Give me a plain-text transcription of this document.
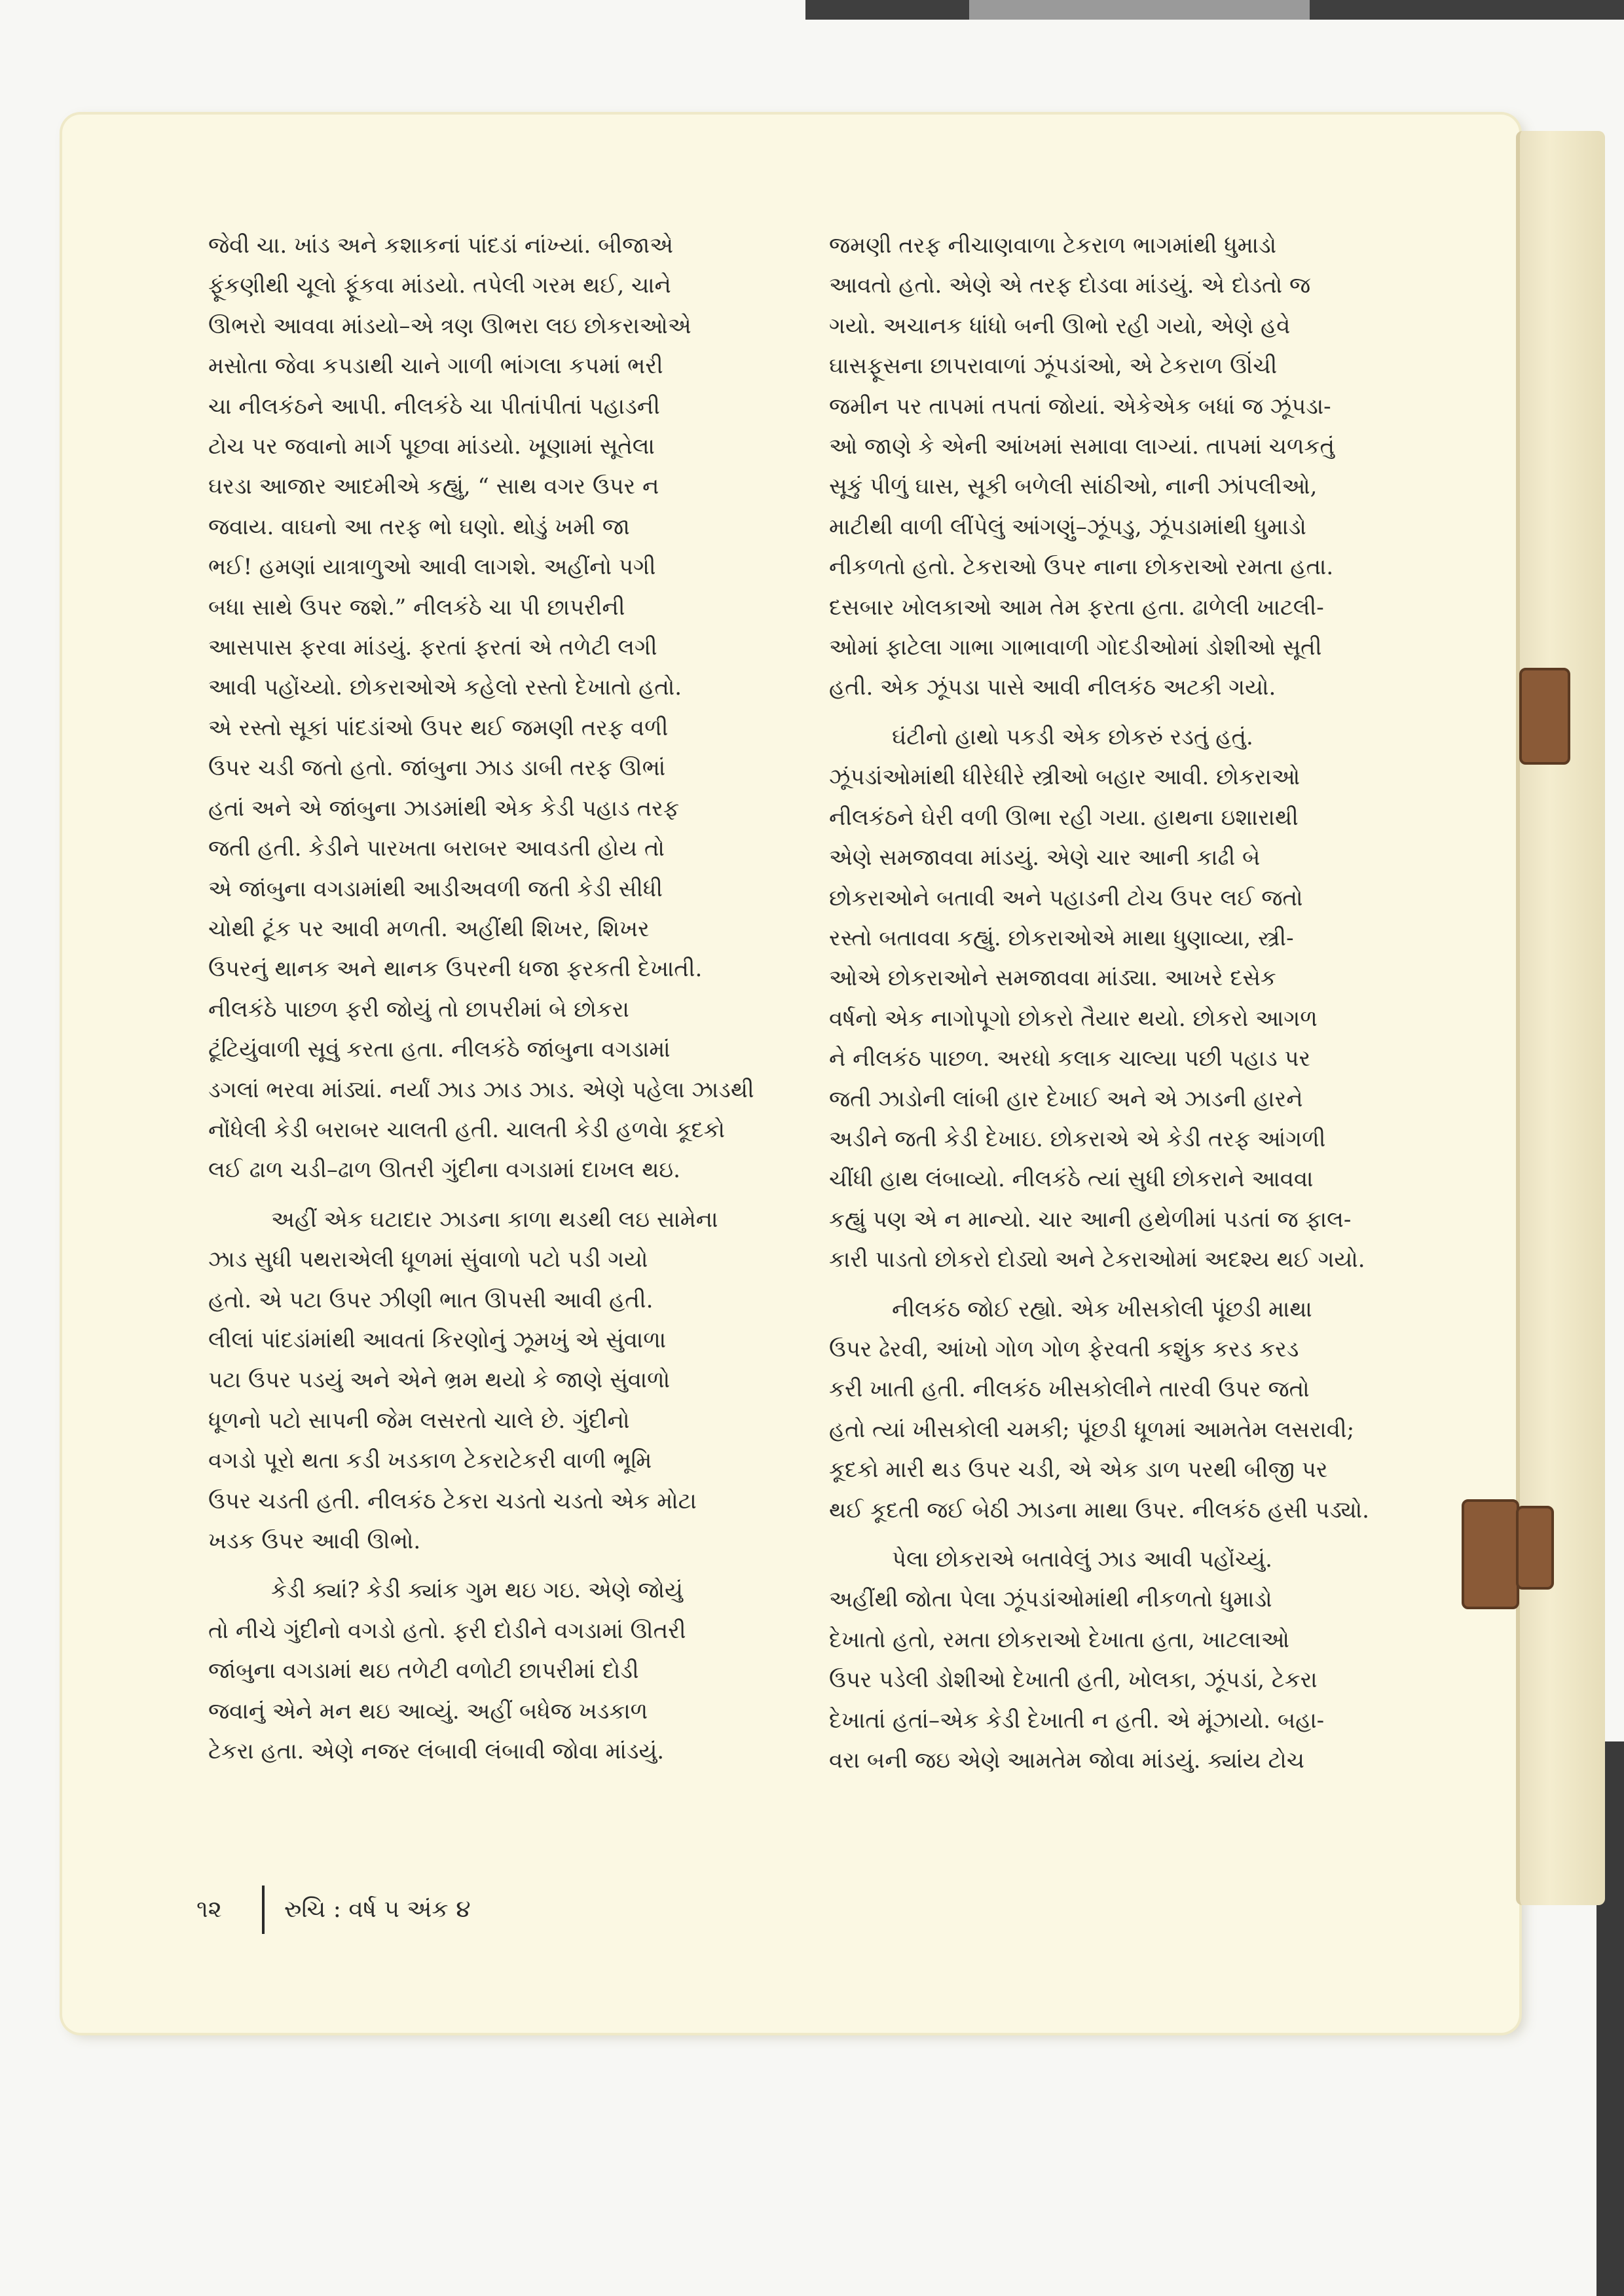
જેવી ચા. ખાંડ અને કશાકનાં પાંદડાં નાંખ્યાં. બીજાએ
ફૂંકણીથી ચૂલો ફૂંકવા માંડયો. તપેલી ગરમ થઈ, ચાને
ઊભરો આવવા માંડયો–એ ત્રણ ઊભરા લઇ છોકરાઓએ
મસોતા જેવા કપડાથી ચાને ગાળી ભાંગલા કપમાં ભરી
ચા નીલકંઠને આપી. નીલકંઠે ચા પીતાંપીતાં પહાડની
ટોચ પર જવાનો માર્ગ પૂછવા માંડયો. ખૂણામાં સૂતેલા
ઘરડા આજાર આદમીએ કહ્યું, “ સાથ વગર ઉપર ન
જવાય. વાઘનો આ તરફ ભો ઘણો. થોડું ખમી જા
ભઈ! હમણાં યાત્રાળુઓ આવી લાગશે. અહીંનો પગી
બધા સાથે ઉપર જશે.” નીલકંઠે ચા પી છાપરીની
આસપાસ ફરવા માંડયું. ફરતાં ફરતાં એ તળેટી લગી
આવી પહોંચ્યો. છોકરાઓએ કહેલો રસ્તો દેખાતો હતો.
એ રસ્તો સૂકાં પાંદડાંઓ ઉપર થઈ જમણી તરફ વળી
ઉપર ચડી જતો હતો. જાંબુના ઝાડ ડાબી તરફ ઊભાં
હતાં અને એ જાંબુના ઝાડમાંથી એક કેડી પહાડ તરફ
જતી હતી. કેડીને પારખતા બરાબર આવડતી હોય તો
એ જાંબુના વગડામાંથી આડીઅવળી જતી કેડી સીધી
ચોથી ટૂંક પર આવી મળતી. અહીંથી શિખર, શિખર
ઉપરનું થાનક અને થાનક ઉપરની ધજા ફરકતી દેખાતી.
નીલકંઠે પાછળ ફરી જોયું તો છાપરીમાં બે છોકરા
ટૂંટિયુંવાળી સૂવું કરતા હતા. નીલકંઠે જાંબુના વગડામાં
ડગલાં ભરવા માંડ્યાં. નર્યાં ઝાડ ઝાડ ઝાડ. એણે પહેલા ઝાડથી
નોંધેલી કેડી બરાબર ચાલતી હતી. ચાલતી કેડી હળવેા કૂદકો
લઈ ઢાળ ચડી–ઢાળ ઊતરી ગુંદીના વગડામાં દાખલ થઇ.
અહીં એક ઘટાદાર ઝાડના કાળા થડથી લઇ સામેના
ઝાડ સુધી પથરાએલી ધૂળમાં સુંવાળો પટો પડી ગયો
હતો. એ પટા ઉપર ઝીણી ભાત ઊપસી આવી હતી.
લીલાં પાંદડાંમાંથી આવતાં કિરણોનું ઝૂમખું એ સુંવાળા
પટા ઉપર પડયું અને એને ભ્રમ થયો કે જાણે સુંવાળો
ધૂળનો પટો સાપની જેમ લસરતો ચાલે છે. ગુંદીનો
વગડો પૂરો થતા કડી ખડકાળ ટેકરાટેકરી વાળી ભૂમિ
ઉપર ચડતી હતી. નીલકંઠ ટેકરા ચડતો ચડતો એક મોટા
ખડક ઉપર આવી ઊભો.
કેડી ક્યાં? કેડી ક્યાંક ગુમ થઇ ગઇ. એણે જોયું
તો નીચે ગુંદીનો વગડો હતો. ફરી દોડીને વગડામાં ઊતરી
જાંબુના વગડામાં થઇ તળેટી વળોટી છાપરીમાં દોડી
જવાનું એને મન થઇ આવ્યું. અહીં બધેજ ખડકાળ
ટેકરા હતા. એણે નજર લંબાવી લંબાવી જોવા માંડયું.
જમણી તરફ નીચાણવાળા ટેકરાળ ભાગમાંથી ધુમાડો
આવતો હતો. એણે એ તરફ દોડવા માંડયું. એ દોડતો જ
ગયો. અચાનક ધાંધો બની ઊભો રહી ગયો, એણે હવે
ઘાસફૂસના છાપરાવાળાં ઝૂંપડાંઓ, એ ટેકરાળ ઊંચી
જમીન પર તાપમાં તપતાં જોયાં. એકેએક બધાં જ ઝૂંપડા-
ઓ જાણે કે એની આંખમાં સમાવા લાગ્યાં. તાપમાં ચળકતું
સૂકું પીળું ઘાસ, સૂકી બળેલી સાંઠીઓ, નાની ઝાંપલીઓ,
માટીથી વાળી લીંપેલું આંગણું–ઝૂંપડુ, ઝૂંપડામાંથી ધુમાડો
નીકળતો હતો. ટેકરાઓ ઉપર નાના છોકરાઓ રમતા હતા.
દસબાર ખોલકાઓ આમ તેમ ફરતા હતા. ઢાળેલી ખાટલી-
ઓમાં ફાટેલા ગાભા ગાભાવાળી ગોદડીઓમાં ડોશીઓ સૂતી
હતી. એક ઝૂંપડા પાસે આવી નીલકંઠ અટકી ગયો.
ઘંટીનો હાથો પકડી એક છોકરું રડતું હતું.
ઝૂંપડાંઓમાંથી ધીરેધીરે સ્ત્રીઓ બહાર આવી. છોકરાઓ
નીલકંઠને ઘેરી વળી ઊભા રહી ગયા. હાથના ઇશારાથી
એણે સમજાવવા માંડયું. એણે ચાર આની કાઢી બે
છોકરાઓને બતાવી અને પહાડની ટોચ ઉપર લઈ જતો
રસ્તો બતાવવા કહ્યું. છોકરાઓએ માથા ધુણાવ્યા, સ્ત્રી-
ઓએ છોકરાઓને સમજાવવા માંડ્યા. આખરે દસેક
વર્ષનો એક નાગોપૂગો છોકરો તૈયાર થયો. છોકરો આગળ
ને નીલકંઠ પાછળ. અરધો કલાક ચાલ્યા પછી પહાડ પર
જતી ઝાડોની લાંબી હાર દેખાઈ અને એ ઝાડની હારને
અડીને જતી કેડી દેખાઇ. છોકરાએ એ કેડી તરફ આંગળી
ચીંધી હાથ લંબાવ્યો. નીલકંઠે ત્યાં સુધી છોકરાને આવવા
કહ્યું પણ એ ન માન્યો. ચાર આની હથેળીમાં પડતાં જ ફાલ-
કારી પાડતો છોકરો દોડ્યો અને ટેકરાઓમાં અદશ્ય થઈ ગયો.
નીલકંઠ જોઈ રહ્યો. એક ખીસકોલી પૂંછડી માથા
ઉપર ઢેરવી, આંખો ગોળ ગોળ ફેરવતી કશુંક કરડ કરડ
કરી ખાતી હતી. નીલકંઠ ખીસકોલીને તારવી ઉપર જતો
હતો ત્યાં ખીસકોલી ચમકી; પૂંછડી ધૂળમાં આમતેમ લસરાવી;
કૂદકો મારી થડ ઉપર ચડી, એ એક ડાળ પરથી બીજી પર
થઈ કૂદતી જઈ બેઠી ઝાડના માથા ઉપર. નીલકંઠ હસી પડ્યો.
પેલા છોકરાએ બતાવેલું ઝાડ આવી પહોંચ્યું.
અહીંથી જોતા પેલા ઝૂંપડાંઓમાંથી નીકળતો ધુમાડો
દેખાતો હતો, રમતા છોકરાઓ દેખાતા હતા, ખાટલાઓ
ઉપર પડેલી ડોશીઓ દેખાતી હતી, ખોલકા, ઝૂંપડાં, ટેકરા
દેખાતાં હતાં–એક કેડી દેખાતી ન હતી. એ મૂંઝાયો. બહા-
વરા બની જઇ એણે આમતેમ જોવા માંડયું. ક્યાંય ટોચ
૧૨	રુચિ : વર્ષ ૫ અંક ૪
